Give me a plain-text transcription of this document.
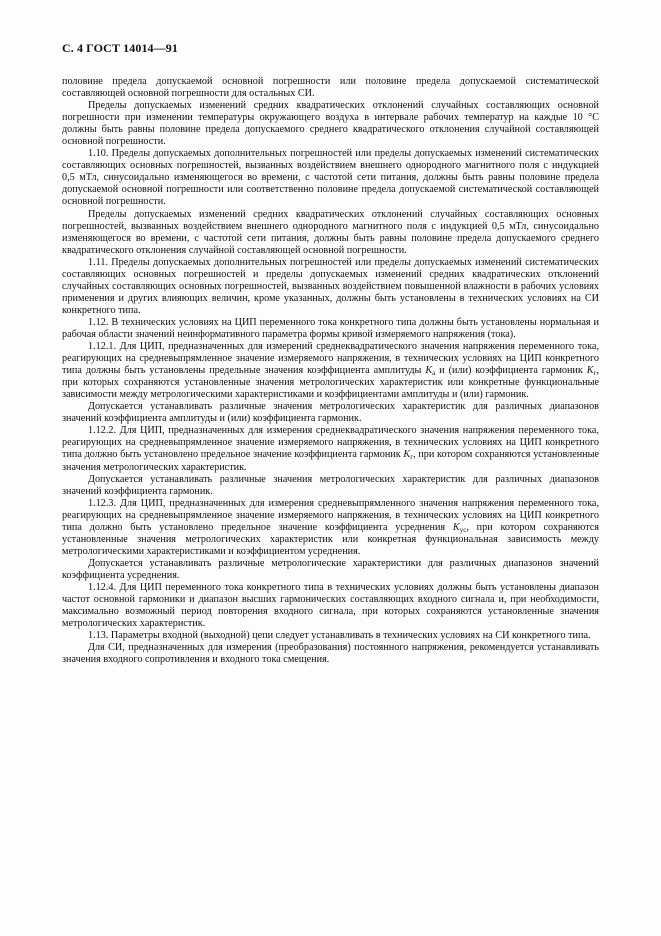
С. 4 ГОСТ 14014—91

половине предела допускаемой основной погрешности или половине предела допускаемой систематической составляющей основной погрешности для остальных СИ.

Пределы допускаемых изменений средних квадратических отклонений случайных составляющих основной погрешности при изменении температуры окружающего воздуха в интервале рабочих температур на каждые 10 °С должны быть равны половине предела допускаемого среднего квадратического отклонения случайной составляющей основной погрешности.

1.10. Пределы допускаемых дополнительных погрешностей или пределы допускаемых изменений систематических составляющих основных погрешностей, вызванных воздействием внешнего однородного магнитного поля с индукцией 0,5 мТл, синусоидально изменяющегося во времени, с частотой сети питания, должны быть равны половине предела допускаемой основной погрешности или соответственно половине предела допускаемой систематической составляющей основной погрешности.

Пределы допускаемых изменений средних квадратических отклонений случайных составляющих основных погрешностей, вызванных воздействием внешнего однородного магнитного поля с индукцией 0,5 мТл, синусоидально изменяющегося во времени, с частотой сети питания, должны быть равны половине предела допускаемого среднего квадратического отклонения случайной составляющей основной погрешности.

1.11. Пределы допускаемых дополнительных погрешностей или пределы допускаемых изменений систематических составляющих основных погрешностей и пределы допускаемых изменений средних квадратических отклонений случайных составляющих основных погрешностей, вызванных воздействием повышенной влажности в рабочих условиях применения и других влияющих величин, кроме указанных, должны быть установлены в технических условиях на СИ конкретного типа.

1.12. В технических условиях на ЦИП переменного тока конкретного типа должны быть установлены нормальная и рабочая области значений неинформативного параметра формы кривой измеряемого напряжения (тока).

1.12.1. Для ЦИП, предназначенных для измерений среднеквадратического значения напряжения переменного тока, реагирующих на средневыпрямленное значение измеряемого напряжения, в технических условиях на ЦИП конкретного типа должны быть установлены предельные значения коэффициента амплитуды $K_а$ и (или) коэффициента гармоник $K_г$, при которых сохраняются установленные значения метрологических характеристик или конкретные функциональные зависимости между метрологическими характеристиками и коэффициентами амплитуды и (или) гармоник.

Допускается устанавливать различные значения метрологических характеристик для различных диапазонов значений коэффициента амплитуды и (или) коэффициента гармоник.

1.12.2. Для ЦИП, предназначенных для измерения среднеквадратического значения напряжения переменного тока, реагирующих на средневыпрямленное значение измеряемого напряжения, в технических условиях на ЦИП конкретного типа должно быть установлено предельное значение коэффициента гармоник $K_г$, при котором сохраняются установленные значения метрологических характеристик.

Допускается устанавливать различные значения метрологических характеристик для различных диапазонов значений коэффициента гармоник.

1.12.3. Для ЦИП, предназначенных для измерения средневыпрямленного значения напряжения переменного тока, реагирующих на средневыпрямленное значение измеряемого напряжения, в технических условиях на ЦИП конкретного типа должно быть установлено предельное значение коэффициента усреднения $K_{ус}$, при котором сохраняются установленные значения метрологических характеристик или конкретная функциональная зависимость между метрологическими характеристиками и коэффициентом усреднения.

Допускается устанавливать различные метрологические характеристики для различных диапазонов значений коэффициента усреднения.

1.12.4. Для ЦИП переменного тока конкретного типа в технических условиях должны быть установлены диапазон частот основной гармоники и диапазон высших гармонических составляющих входного сигнала и, при необходимости, максимально возможный период повторения входного сигнала, при которых сохраняются установленные значения метрологических характеристик.

1.13. Параметры входной (выходной) цепи следует устанавливать в технических условиях на СИ конкретного типа.

Для СИ, предназначенных для измерения (преобразования) постоянного напряжения, рекомендуется устанавливать значения входного сопротивления и входного тока смещения.
